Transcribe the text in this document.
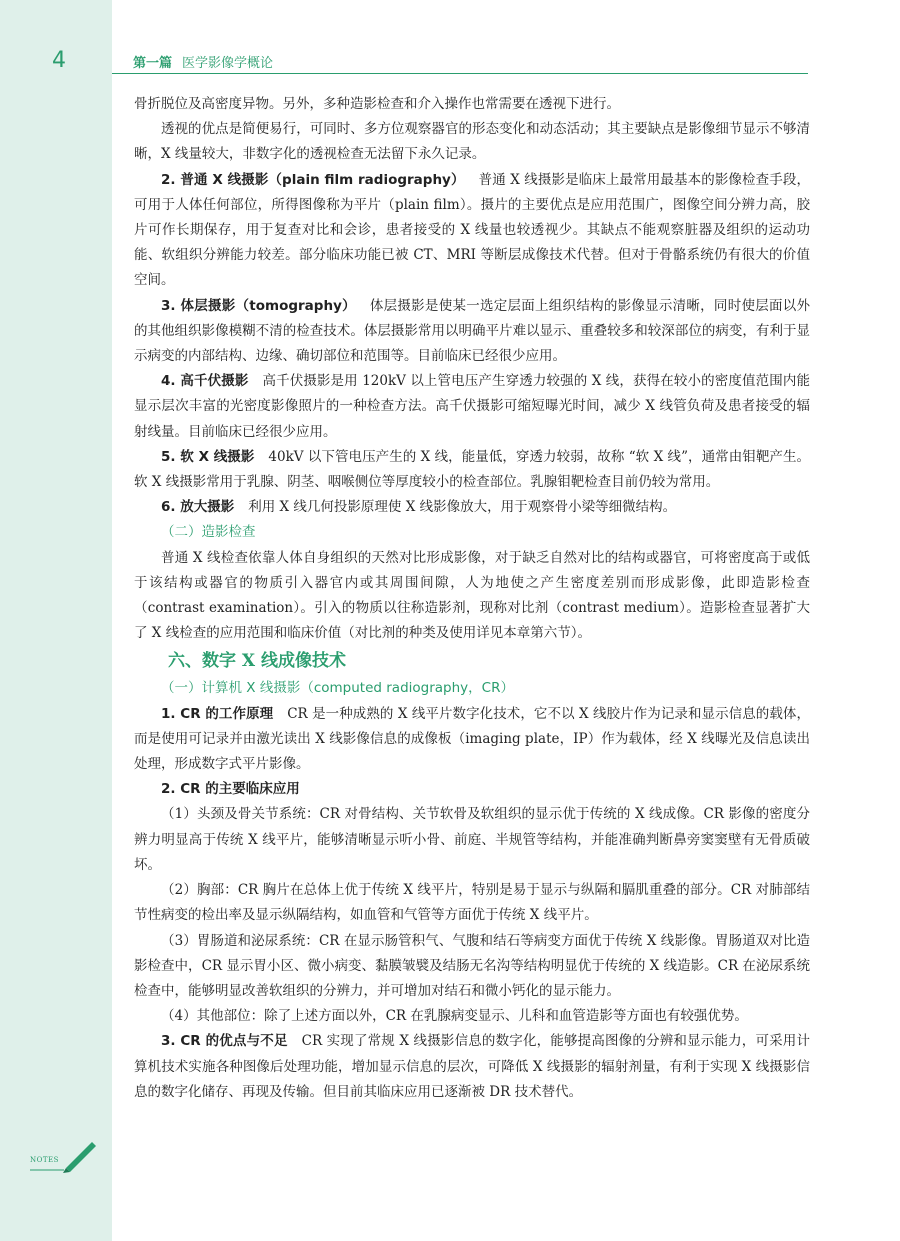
4	第一篇 医学影像学概论

骨折脱位及高密度异物。另外，多种造影检查和介入操作也常需要在透视下进行。

透视的优点是简便易行，可同时、多方位观察器官的形态变化和动态活动；其主要缺点是影像细节显示不够清晰，X 线量较大，非数字化的透视检查无法留下永久记录。

2. 普通 X 线摄影（plain film radiography） 普通 X 线摄影是临床上最常用最基本的影像检查手段，可用于人体任何部位，所得图像称为平片（plain film）。摄片的主要优点是应用范围广，图像空间分辨力高，胶片可作长期保存，用于复查对比和会诊，患者接受的 X 线量也较透视少。其缺点不能观察脏器及组织的运动功能、软组织分辨能力较差。部分临床功能已被 CT、MRI 等断层成像技术代替。但对于骨骼系统仍有很大的价值空间。

3. 体层摄影（tomography） 体层摄影是使某一选定层面上组织结构的影像显示清晰，同时使层面以外的其他组织影像模糊不清的检查技术。体层摄影常用以明确平片难以显示、重叠较多和较深部位的病变，有利于显示病变的内部结构、边缘、确切部位和范围等。目前临床已经很少应用。

4. 高千伏摄影 高千伏摄影是用 120kV 以上管电压产生穿透力较强的 X 线，获得在较小的密度值范围内能显示层次丰富的光密度影像照片的一种检查方法。高千伏摄影可缩短曝光时间，减少 X 线管负荷及患者接受的辐射线量。目前临床已经很少应用。

5. 软 X 线摄影 40kV 以下管电压产生的 X 线，能量低，穿透力较弱，故称 “软 X 线”，通常由钼靶产生。软 X 线摄影常用于乳腺、阴茎、咽喉侧位等厚度较小的检查部位。乳腺钼靶检查目前仍较为常用。

6. 放大摄影 利用 X 线几何投影原理使 X 线影像放大，用于观察骨小梁等细微结构。

（二）造影检查

普通 X 线检查依靠人体自身组织的天然对比形成影像，对于缺乏自然对比的结构或器官，可将密度高于或低于该结构或器官的物质引入器官内或其周围间隙，人为地使之产生密度差别而形成影像，此即造影检查（contrast examination）。引入的物质以往称造影剂，现称对比剂（contrast medium）。造影检查显著扩大了 X 线检查的应用范围和临床价值（对比剂的种类及使用详见本章第六节）。

六、数字 X 线成像技术

（一）计算机 X 线摄影（computed radiography，CR）

1. CR 的工作原理 CR 是一种成熟的 X 线平片数字化技术，它不以 X 线胶片作为记录和显示信息的载体，而是使用可记录并由激光读出 X 线影像信息的成像板（imaging plate，IP）作为载体，经 X 线曝光及信息读出处理，形成数字式平片影像。

2. CR 的主要临床应用

（1）头颈及骨关节系统：CR 对骨结构、关节软骨及软组织的显示优于传统的 X 线成像。CR 影像的密度分辨力明显高于传统 X 线平片，能够清晰显示听小骨、前庭、半规管等结构，并能准确判断鼻旁窦窦壁有无骨质破坏。

（2）胸部：CR 胸片在总体上优于传统 X 线平片，特别是易于显示与纵隔和膈肌重叠的部分。CR 对肺部结节性病变的检出率及显示纵隔结构，如血管和气管等方面优于传统 X 线平片。

（3）胃肠道和泌尿系统：CR 在显示肠管积气、气腹和结石等病变方面优于传统 X 线影像。胃肠道双对比造影检查中，CR 显示胃小区、微小病变、黏膜皱襞及结肠无名沟等结构明显优于传统的 X 线造影。CR 在泌尿系统检查中，能够明显改善软组织的分辨力，并可增加对结石和微小钙化的显示能力。

（4）其他部位：除了上述方面以外，CR 在乳腺病变显示、儿科和血管造影等方面也有较强优势。

3. CR 的优点与不足 CR 实现了常规 X 线摄影信息的数字化，能够提高图像的分辨和显示能力，可采用计算机技术实施各种图像后处理功能，增加显示信息的层次，可降低 X 线摄影的辐射剂量，有利于实现 X 线摄影信息的数字化储存、再现及传输。但目前其临床应用已逐渐被 DR 技术替代。

NOTES
